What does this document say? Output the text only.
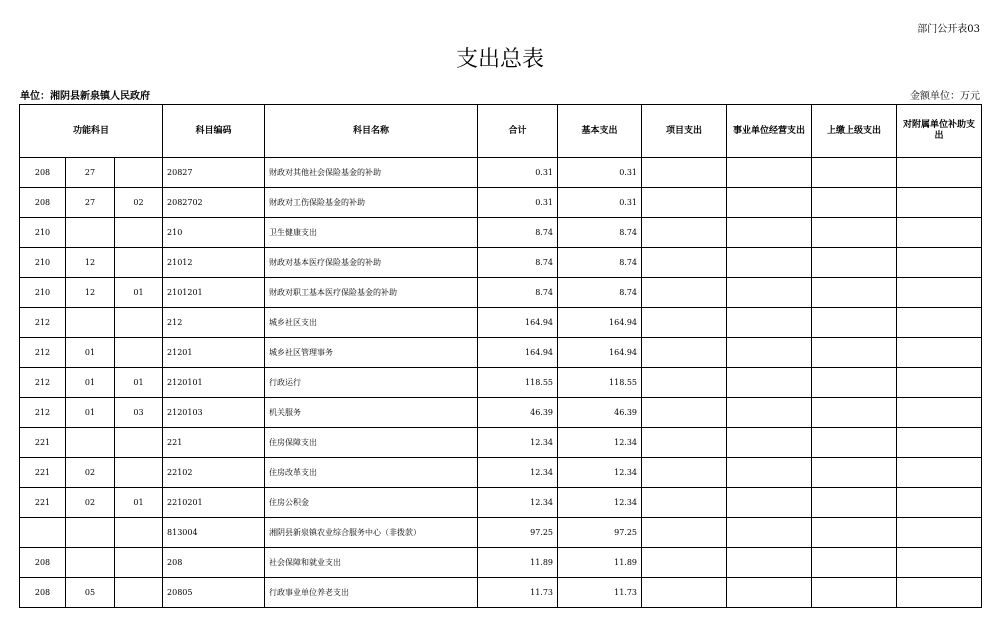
部门公开表03
支出总表
单位：湘阴县新泉镇人民政府	金额单位：万元
功能科目			科目编码	科目名称	合计	基本支出	项目支出	事业单位经营支出	上缴上级支出	对附属单位补助支出
208	27		20827	财政对其他社会保险基金的补助	0.31	0.31				
208	27	02	2082702	财政对工伤保险基金的补助	0.31	0.31				
210			210	卫生健康支出	8.74	8.74				
210	12		21012	财政对基本医疗保险基金的补助	8.74	8.74				
210	12	01	2101201	财政对职工基本医疗保险基金的补助	8.74	8.74				
212			212	城乡社区支出	164.94	164.94				
212	01		21201	城乡社区管理事务	164.94	164.94				
212	01	01	2120101	行政运行	118.55	118.55				
212	01	03	2120103	机关服务	46.39	46.39				
221			221	住房保障支出	12.34	12.34				
221	02		22102	住房改革支出	12.34	12.34				
221	02	01	2210201	住房公积金	12.34	12.34				
			813004	湘阴县新泉镇农业综合服务中心（非拨款）	97.25	97.25				
208			208	社会保障和就业支出	11.89	11.89				
208	05		20805	行政事业单位养老支出	11.73	11.73				
